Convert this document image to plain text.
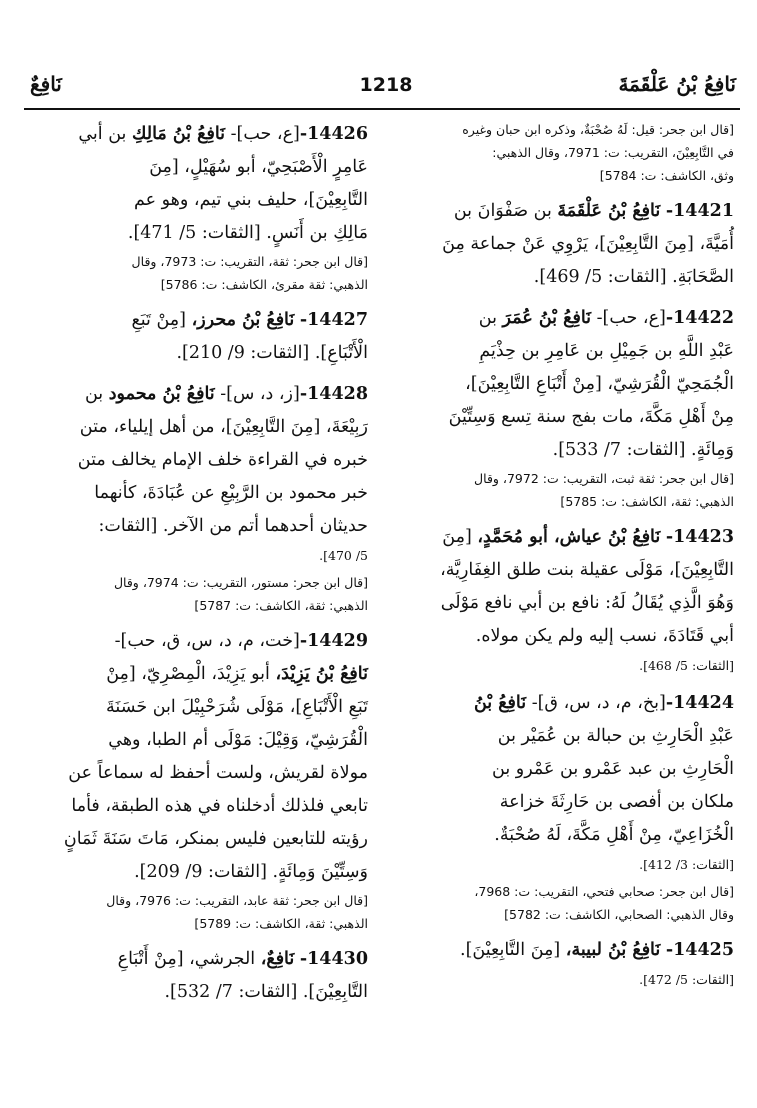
نَافِعُ بْنُ عَلْقَمَةَ
1218
نَافِعٌ
[قال ابن جحر: قيل: لَهُ صُحْبَةٌ، وذكره ابن حبان وغيره
في التَّابِعِيْنَ، التقريب: ت: 7971، وقال الذهبي:
وثق، الكاشف: ت: 5784]
14421- نَافِعُ بْنُ عَلْقَمَةَ بن صَفْوَانَ بن
أُمَيَّةَ، [مِنَ التَّابِعِيْنَ]، يَرْوِي عَنْ جماعة مِنَ
الصَّحَابَةِ. [الثقات: 5/ 469].
14422-[ع، حب]- نَافِعُ بْنُ عُمَرَ بن
عَبْدِ اللَّهِ بن جَمِيْلِ بن عَامِرِ بن حِذْيَمِ
الْجُمَحِيّ الْقُرَشِيّ، [مِنْ أَتْبَاعِ التَّابِعِيْنَ]،
مِنْ أَهْلِ مَكَّةَ، مات بفج سنة تِسع وَسِتِّيْنَ
وَمِائَةٍ. [الثقات: 7/ 533].
[قال ابن جحر: ثقة ثبت، التقريب: ت: 7972، وقال
الذهبي: ثقة، الكاشف: ت: 5785]
14423- نَافِعُ بْنُ عياش، أبو مُحَمَّدٍ، [مِنَ
التَّابِعِيْنَ]، مَوْلَى عقيلة بنت طلق الغِفَارِيَّة،
وَهُوَ الَّذِي يُقَالُ لَهُ: نافع بن أبي نافع مَوْلَى
أبي قَتَادَةَ، نسب إليه ولم يكن مولاه.
[الثقات: 5/ 468].
14424-[بخ، م، د، س، ق]- نَافِعُ بْنُ
عَبْدِ الْحَارِثِ بن حبالة بن عُمَيْر بن
الْحَارِثِ بن عبد عَمْرو بن عَمْرو بن
ملكان بن أفصى بن حَارِثَةَ خزاعة
الْخُزَاعِيّ، مِنْ أَهْلِ مَكَّةَ، لَهُ صُحْبَةٌ.
[الثقات: 3/ 412].
[قال ابن جحر: صحابي فتحي، التقريب: ت: 7968،
وقال الذهبي: الصحابي، الكاشف: ت: 5782]
14425- نَافِعُ بْنُ لبيبة، [مِنَ التَّابِعِيْنَ].
[الثقات: 5/ 472].
14426-[ع، حب]- نَافِعُ بْنُ مَالِكِ بن أبي
عَامِرٍ الْأَصْبَحِيّ، أبو سُهَيْلٍ، [مِنَ
التَّابِعِيْنَ]، حليف بني تيم، وهو عم
مَالِكِ بن أَنَسٍ. [الثقات: 5/ 471].
[قال ابن جحر: ثقة، التقريب: ت: 7973، وقال
الذهبي: ثقة مقرئ، الكاشف: ت: 5786]
14427- نَافِعُ بْنُ محرز، [مِنْ تَبَعِ
الْأَتْبَاعِ]. [الثقات: 9/ 210].
14428-[ز، د، س]- نَافِعُ بْنُ محمود بن
رَبِيْعَةَ، [مِنَ التَّابِعِيْنَ]، من أهل إيلياء، متن
خبره في القراءة خلف الإمام يخالف متن
خبر محمود بن الرَّبِيْعِ عن عُبَادَةَ، كأنهما
حديثان أحدهما أتم من الآخر. [الثقات:
5/ 470].
[قال ابن جحر: مستور، التقريب: ت: 7974، وقال
الذهبي: ثقة، الكاشف: ت: 5787]
14429-[خت، م، د، س، ق، حب]-
نَافِعُ بْنُ يَزِيْدَ، أبو يَزِيْدَ، الْمِصْرِيّ، [مِنْ
تَبَعِ الْأَتْبَاعِ]، مَوْلَى شُرَحْبِيْلَ ابن حَسَنَةَ
الْقُرَشِيّ، وَقِيْلَ: مَوْلَى أم الطبا، وهي
مولاة لقريش، ولست أحفظ له سماعاً عن
تابعي فلذلك أدخلناه في هذه الطبقة، فأما
رؤيته للتابعين فليس بمنكر، مَاتَ سَنَةَ ثَمَانٍ
وَسِتِّيْنَ وَمِائَةٍ. [الثقات: 9/ 209].
[قال ابن جحر: ثقة عابد، التقريب: ت: 7976، وقال
الذهبي: ثقة، الكاشف: ت: 5789]
14430- نَافِعٌ، الجرشي، [مِنْ أَتْبَاعِ
التَّابِعِيْنَ]. [الثقات: 7/ 532].
